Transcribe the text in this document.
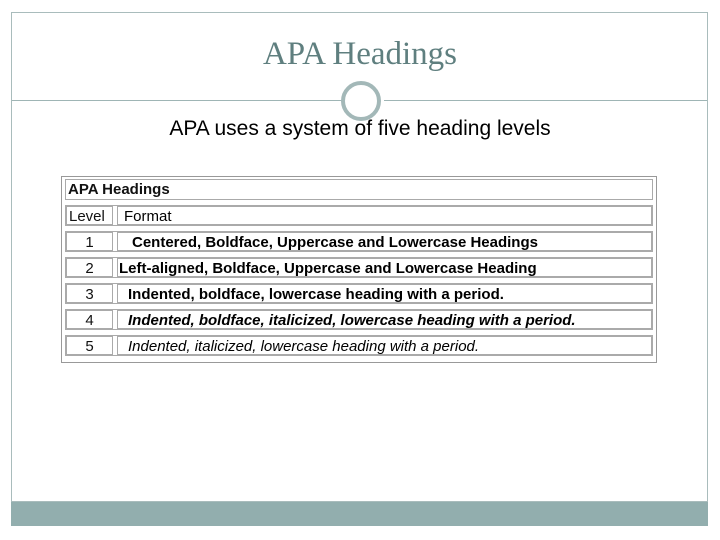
APA Headings
APA uses a system of five heading levels
APA Headings
Level	Format
1	Centered, Boldface, Uppercase and Lowercase Headings
2	Left-aligned, Boldface, Uppercase and Lowercase Heading
3	Indented, boldface, lowercase heading with a period.
4	Indented, boldface, italicized, lowercase heading with a period.
5	Indented, italicized, lowercase heading with a period.
